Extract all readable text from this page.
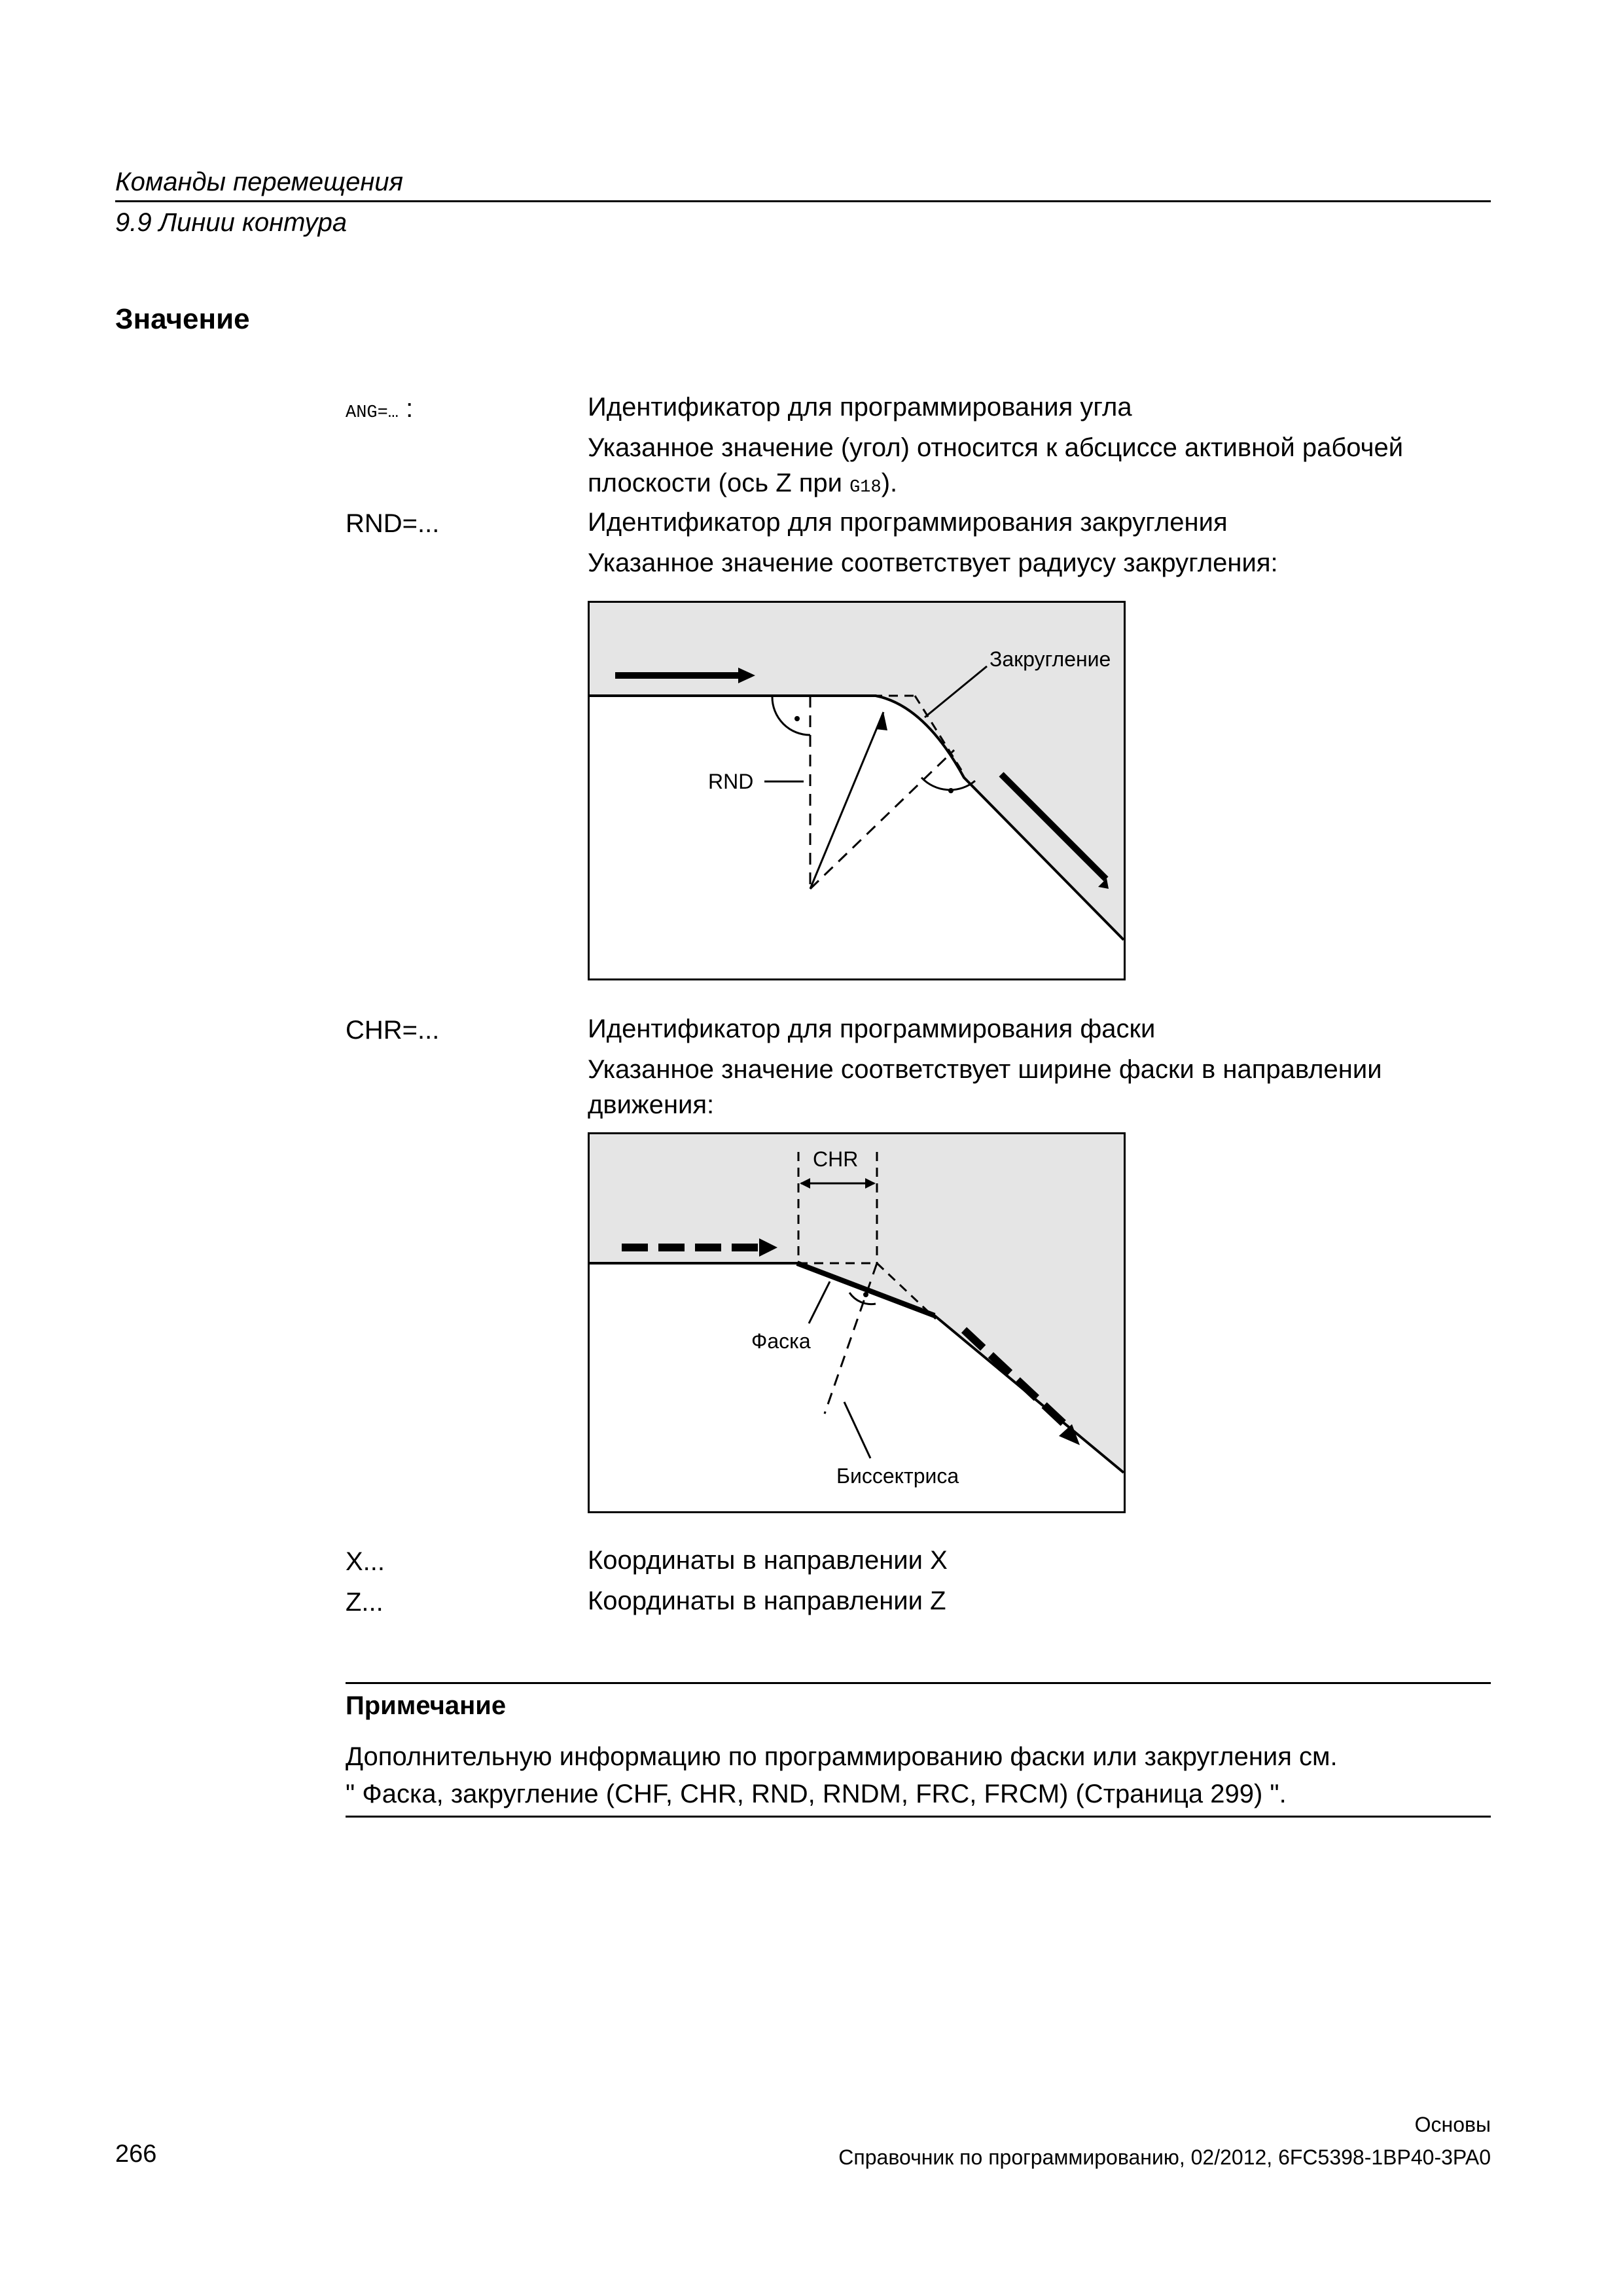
Команды перемещения
9.9 Линии контура
Значение
ANG=… :	Идентификатор для программирования угла
Указанное значение (угол) относится к абсциссе активной рабочей плоскости (ось Z при G18).
RND=...	Идентификатор для программирования закругления
Указанное значение соответствует радиусу закругления:
Закругление
RND
CHR=...	Идентификатор для программирования фаски
Указанное значение соответствует ширине фаски в направлении движения:
CHR
Фаска
Биссектриса
X...	Координаты в направлении X
Z...	Координаты в направлении Z
Примечание
Дополнительную информацию по программированию фаски или закругления см.
" Фаска, закругление (CHF, CHR, RND, RNDM, FRC, FRCM) (Страница 299) ".
266
Основы
Справочник по программированию, 02/2012, 6FC5398-1BP40-3PA0
